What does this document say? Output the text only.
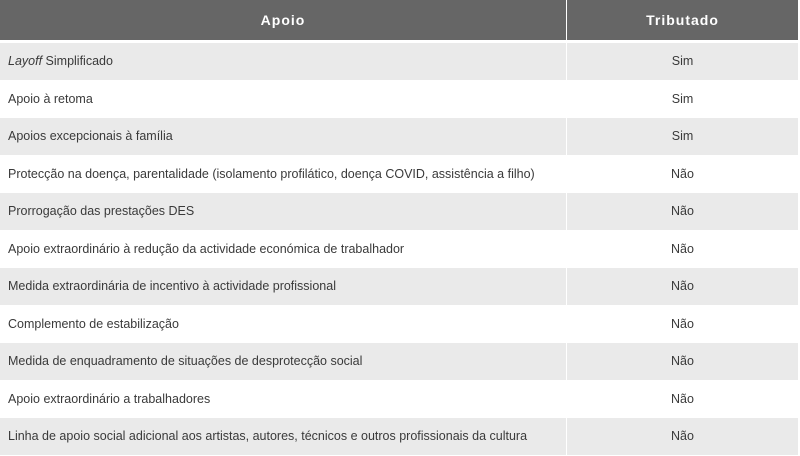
Apoio	Tributado

Layoff Simplificado	Sim
Apoio à retoma	Sim
Apoios excepcionais à família	Sim
Protecção na doença, parentalidade (isolamento profilático, doença COVID, assistência a filho)	Não
Prorrogação das prestações DES	Não
Apoio extraordinário à redução da actividade económica de trabalhador	Não
Medida extraordinária de incentivo à actividade profissional	Não
Complemento de estabilização	Não
Medida de enquadramento de situações de desprotecção social	Não
Apoio extraordinário a trabalhadores	Não
Linha de apoio social adicional aos artistas, autores, técnicos e outros profissionais da cultura	Não
